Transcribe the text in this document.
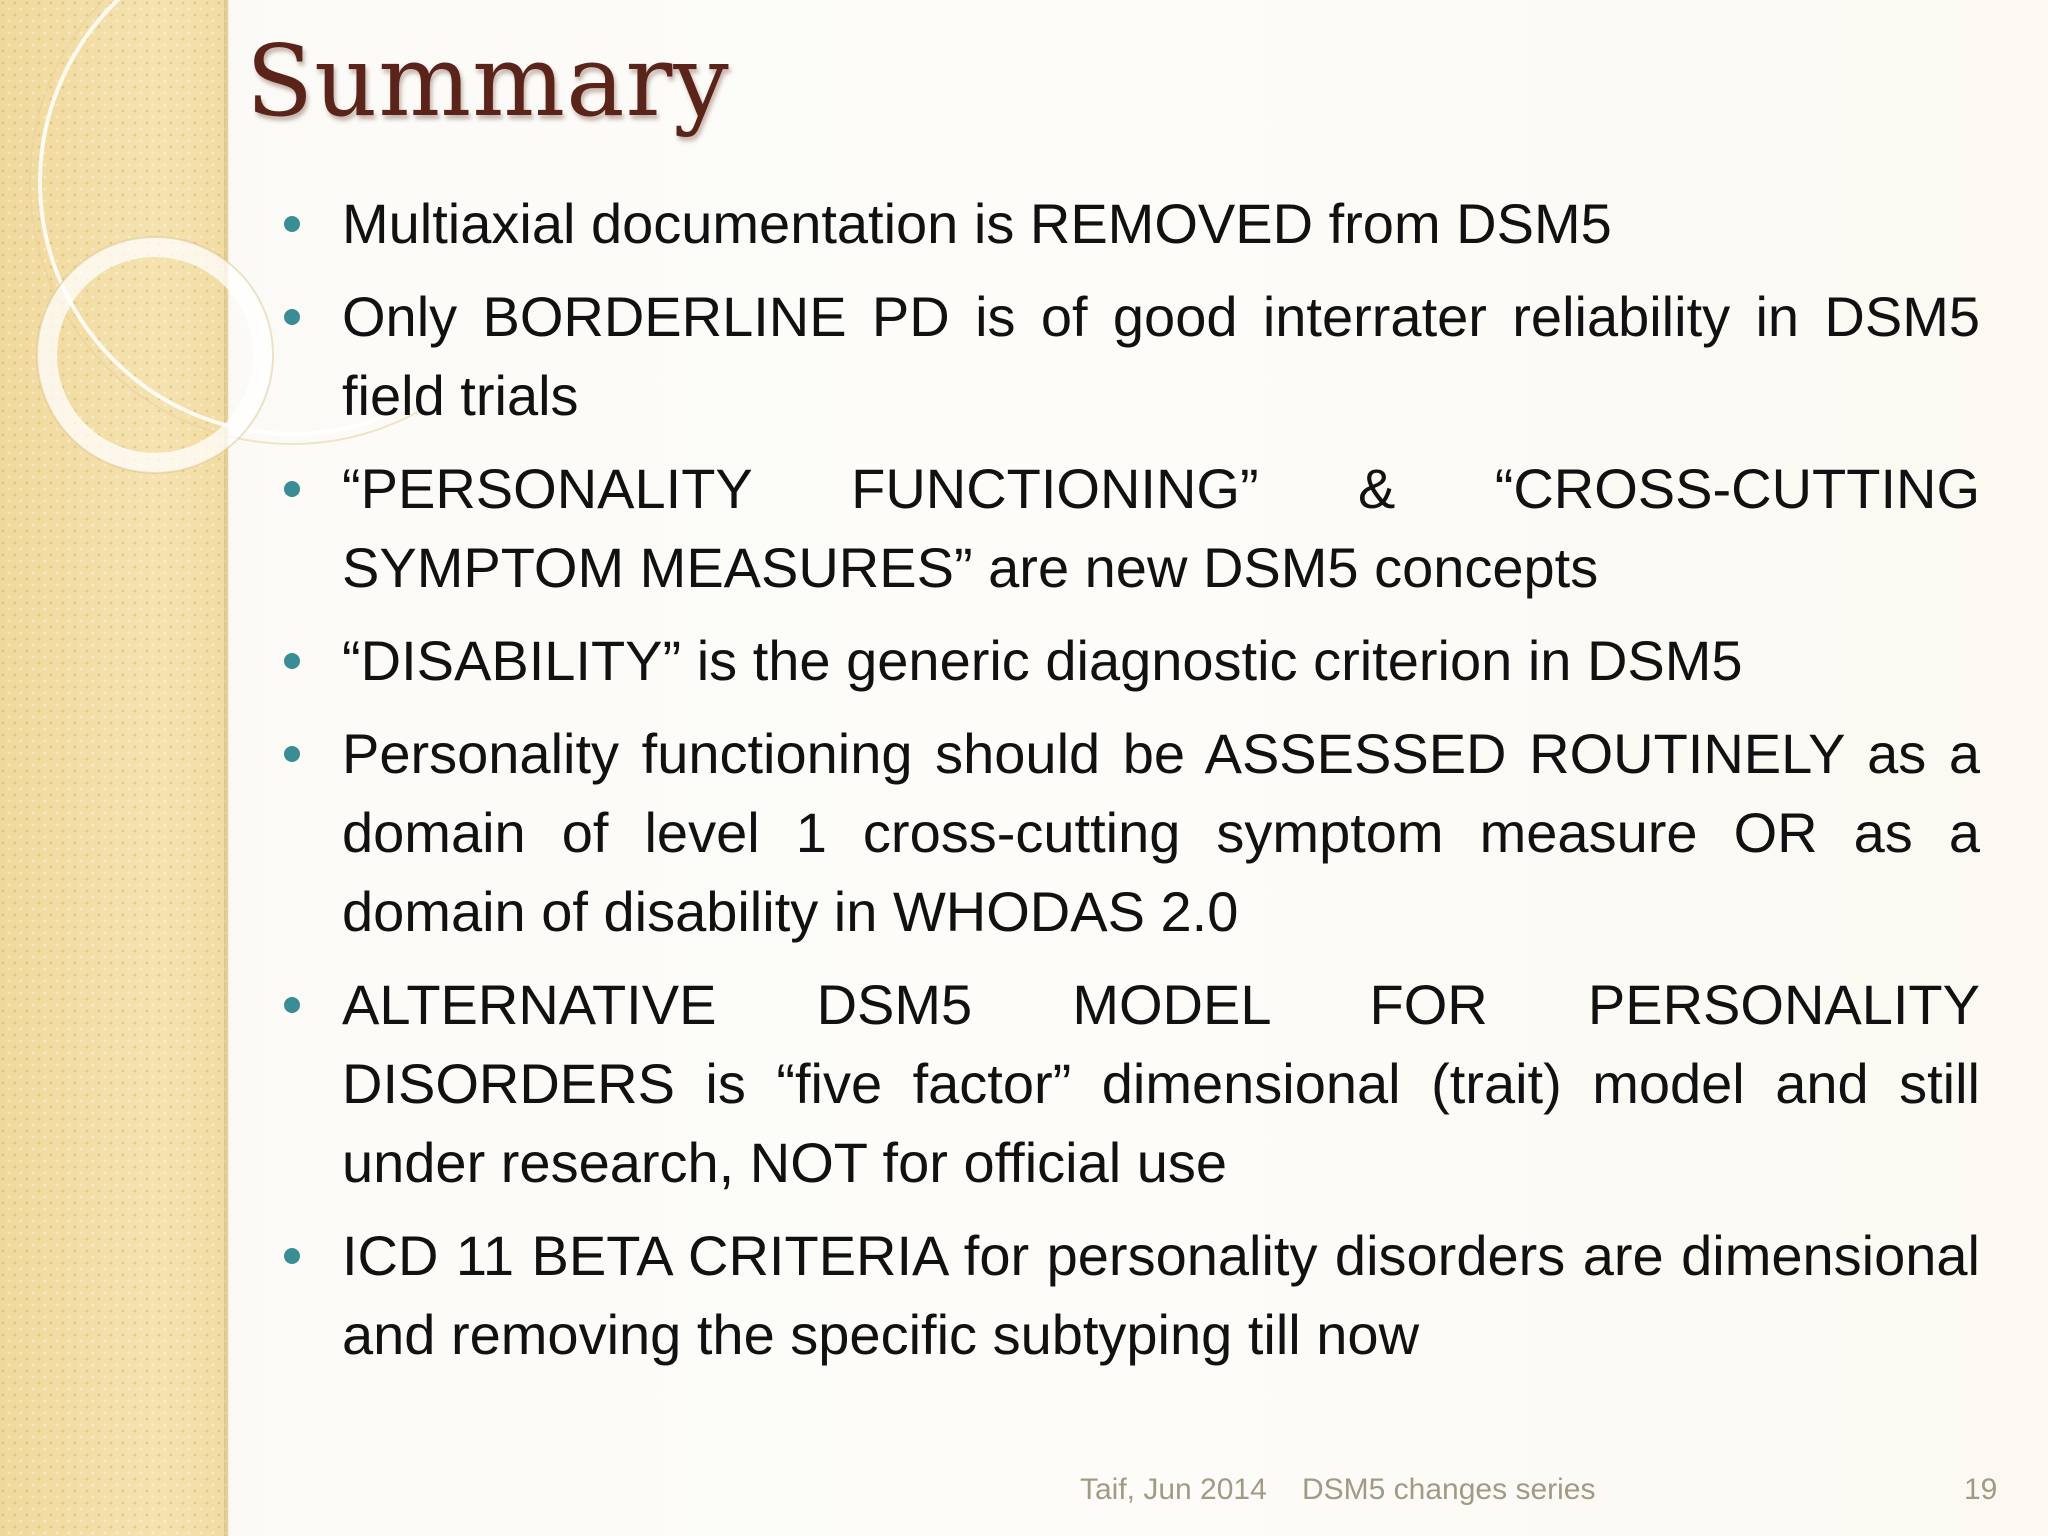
Summary
Multiaxial documentation is REMOVED from DSM5
Only BORDERLINE PD is of good interrater reliability in DSM5 field trials
“PERSONALITY FUNCTIONING” & “CROSS-CUTTING SYMPTOM MEASURES” are new DSM5 concepts
“DISABILITY” is the generic diagnostic criterion in DSM5
Personality functioning should be ASSESSED ROUTINELY as a domain of level 1 cross-cutting symptom measure OR as a domain of disability in WHODAS 2.0
ALTERNATIVE DSM5 MODEL FOR PERSONALITY DISORDERS is “five factor” dimensional (trait) model and still under research, NOT for official use
ICD 11 BETA CRITERIA for personality disorders are dimensional and removing the specific subtyping till now
Taif, Jun 2014 DSM5 changes series	19
